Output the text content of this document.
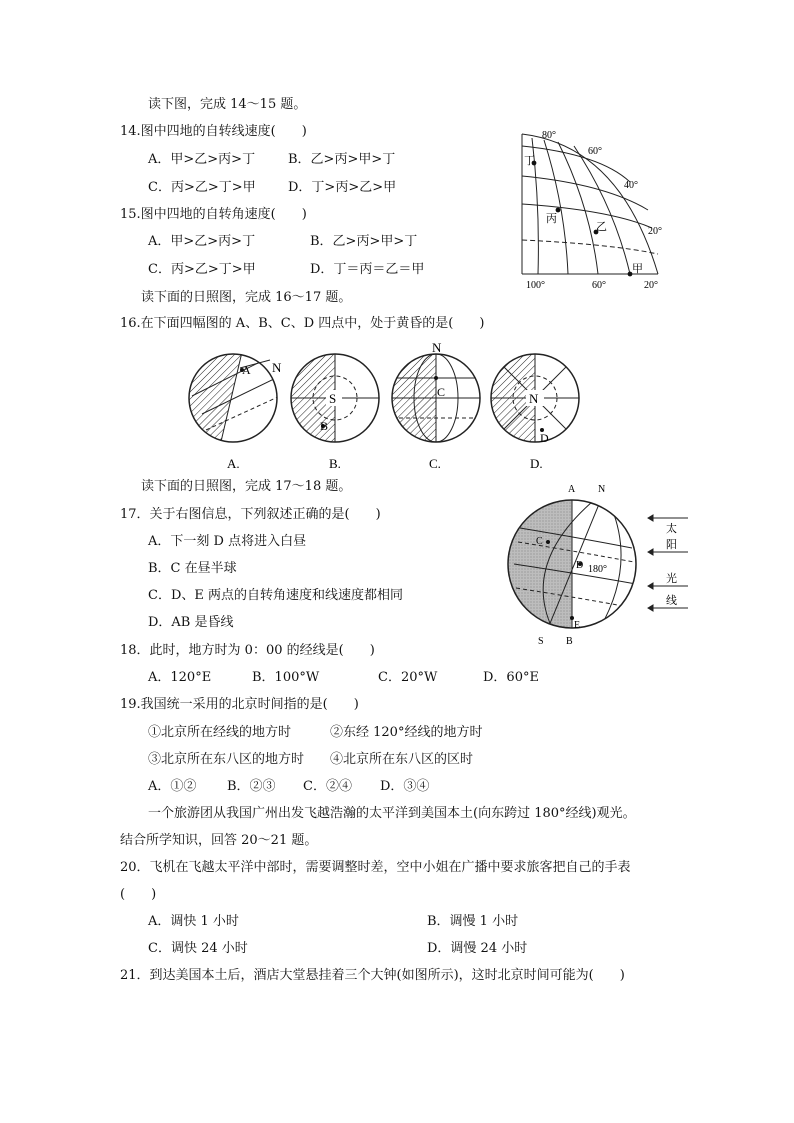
读下图，完成 14～15 题。
14.图中四地的自转线速度(　　)
A．甲>乙>丙>丁	B．乙>丙>甲>丁
C．丙>乙>丁>甲 D．丁>丙>乙>甲
15.图中四地的自转角速度(　　)
A．甲>乙>丙>丁	B．乙>丙>甲>丁
C．丙>乙>丁>甲	D．丁＝丙＝乙＝甲
80°
60°
40°
20°
100°	60°	20°
丁
丙
乙
甲
读下面的日照图，完成 16～17 题。
16.在下面四幅图的 A、B、C、D 四点中，处于黄昏的是(　　)
A N
S
B
N
C	N
D
A.	B.	C.	D.
读下面的日照图，完成 17～18 题。
17．关于右图信息，下列叙述正确的是(　　)
A．下一刻 D 点将进入白昼
B．C 在昼半球
C．D、E 两点的自转角速度和线速度都相同
D．AB 是昏线
A N
C
D 180°
E
S B
太
阳
光
线
18．此时，地方时为 0：00 的经线是(　　)
A．120°E	B．100°W	C．20°W	D．60°E
19.我国统一采用的北京时间指的是(　　)
①北京所在经线的地方时	②东经 120°经线的地方时
③北京所在东八区的地方时 ④北京所在东八区的区时
A．①② B．②③ C．②④ D．③④
一个旅游团从我国广州出发飞越浩瀚的太平洋到美国本土(向东跨过 180°经线)观光。
结合所学知识，回答 20～21 题。
20．飞机在飞越太平洋中部时，需要调整时差，空中小姐在广播中要求旅客把自己的手表
(　　)
A．调快 1 小时	B．调慢 1 小时
C．调快 24 小时	D．调慢 24 小时
21．到达美国本土后，酒店大堂悬挂着三个大钟(如图所示)，这时北京时间可能为(　　)
